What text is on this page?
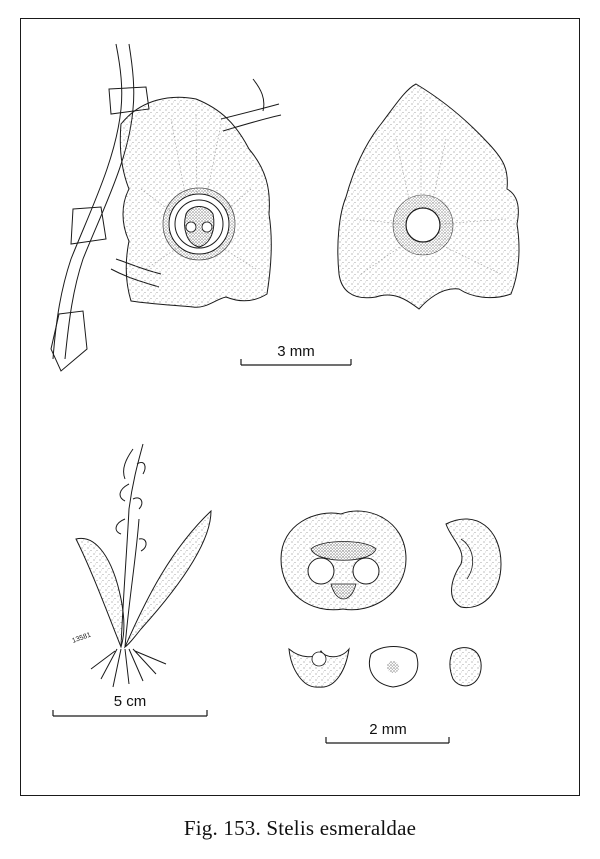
13581
3 mm
5 cm
2 mm
Fig. 153. Stelis esmeraldae
